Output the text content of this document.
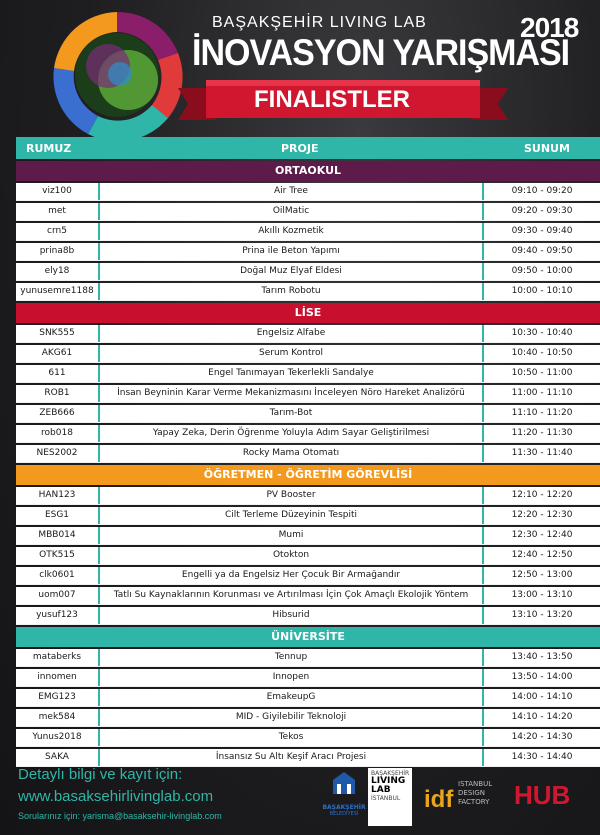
BAŞAKŞEHİR LIVING LAB
İNOVASYON YARIŞMASI
2018
FINALISTLER
RUMUZ	PROJE	SUNUM
ORTAOKUL
viz100	Air Tree	09:10 - 09:20
met	OilMatic	09:20 - 09:30
crn5	Akıllı Kozmetik	09:30 - 09:40
prina8b	Prina ile Beton Yapımı	09:40 - 09:50
ely18	Doğal Muz Elyaf Eldesi	09:50 - 10:00
yunusemre1188	Tarım Robotu	10:00 - 10:10
LİSE
SNK555	Engelsiz Alfabe	10:30 - 10:40
AKG61	Serum Kontrol	10:40 - 10:50
611	Engel Tanımayan Tekerlekli Sandalye	10:50 - 11:00
ROB1	İnsan Beyninin Karar Verme Mekanizmasını İnceleyen Nöro Hareket Analizörü	11:00 - 11:10
ZEB666	Tarım-Bot	11:10 - 11:20
rob018	Yapay Zeka, Derin Öğrenme Yoluyla Adım Sayar Geliştirilmesi	11:20 - 11:30
NES2002	Rocky Mama Otomatı	11:30 - 11:40
ÖĞRETMEN - ÖĞRETİM GÖREVLİSİ
HAN123	PV Booster	12:10 - 12:20
ESG1	Cilt Terleme Düzeyinin Tespiti	12:20 - 12:30
MBB014	Mumi	12:30 - 12:40
OTK515	Otokton	12:40 - 12:50
clk0601	Engelli ya da Engelsiz Her Çocuk Bir Armağandır	12:50 - 13:00
uom007	Tatlı Su Kaynaklarının Korunması ve Artırılması İçin Çok Amaçlı Ekolojik Yöntem	13:00 - 13:10
yusuf123	Hibsurid	13:10 - 13:20
ÜNİVERSİTE
mataberks	Tennup	13:40 - 13:50
innomen	Innopen	13:50 - 14:00
EMG123	EmakeupG	14:00 - 14:10
mek584	MID - Giyilebilir Teknoloji	14:10 - 14:20
Yunus2018	Tekos	14:20 - 14:30
SAKA	İnsansız Su Altı Keşif Aracı Projesi	14:30 - 14:40
Detaylı bilgi ve kayıt için:
www.basaksehirlivinglab.com
Sorularınız için: yarisma@basaksehir-livinglab.com
BAŞAKŞEHİR
BELEDİYESİ
BAŞAKŞEHİR
LIVING
LAB
İSTANBUL idf
ISTANBUL
DESIGN
FACTORY HUB
